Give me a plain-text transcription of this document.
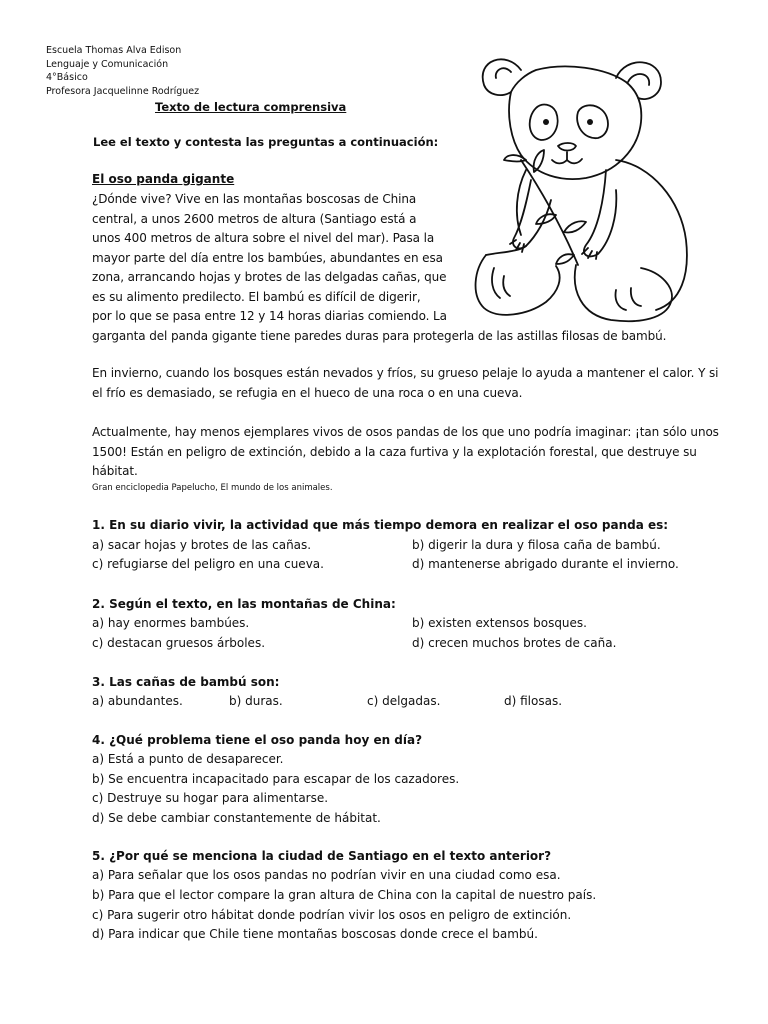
Escuela Thomas Alva Edison
Lenguaje y Comunicación
4°Básico
Profesora Jacquelinne Rodríguez
Texto de lectura comprensiva
Lee el texto y contesta las preguntas a continuación:
El oso panda gigante
¿Dónde vive? Vive en las montañas boscosas de China
central, a unos 2600 metros de altura (Santiago está a
unos 400 metros de altura sobre el nivel del mar). Pasa la
mayor parte del día entre los bambúes, abundantes en esa
zona, arrancando hojas y brotes de las delgadas cañas, que
es su alimento predilecto. El bambú es difícil de digerir,
por lo que se pasa entre 12 y 14 horas diarias comiendo. La
garganta del panda gigante tiene paredes duras para protegerla de las astillas filosas de bambú.
En invierno, cuando los bosques están nevados y fríos, su grueso pelaje lo ayuda a mantener el calor. Y si
el frío es demasiado, se refugia en el hueco de una roca o en una cueva.
Actualmente, hay menos ejemplares vivos de osos pandas de los que uno podría imaginar: ¡tan sólo unos
1500! Están en peligro de extinción, debido a la caza furtiva y la explotación forestal, que destruye su
hábitat.
Gran enciclopedia Papelucho, El mundo de los animales.
1. En su diario vivir, la actividad que más tiempo demora en realizar el oso panda es:
a) sacar hojas y brotes de las cañas.	b) digerir la dura y filosa caña de bambú.
c) refugiarse del peligro en una cueva.	d) mantenerse abrigado durante el invierno.
2. Según el texto, en las montañas de China:
a) hay enormes bambúes.	b) existen extensos bosques.
c) destacan gruesos árboles.	d) crecen muchos brotes de caña.
3. Las cañas de bambú son:
a) abundantes.	b) duras.	c) delgadas.	d) filosas.
4. ¿Qué problema tiene el oso panda hoy en día?
a) Está a punto de desaparecer.
b) Se encuentra incapacitado para escapar de los cazadores.
c) Destruye su hogar para alimentarse.
d) Se debe cambiar constantemente de hábitat.
5. ¿Por qué se menciona la ciudad de Santiago en el texto anterior?
a) Para señalar que los osos pandas no podrían vivir en una ciudad como esa.
b) Para que el lector compare la gran altura de China con la capital de nuestro país.
c) Para sugerir otro hábitat donde podrían vivir los osos en peligro de extinción.
d) Para indicar que Chile tiene montañas boscosas donde crece el bambú.
